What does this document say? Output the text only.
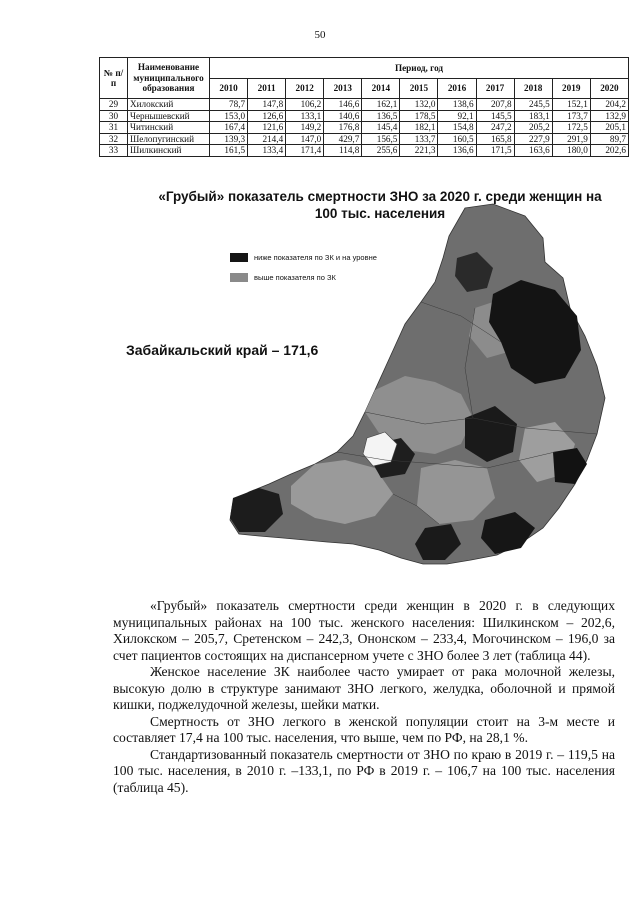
50
№ п/п	Наименование муниципального образования	Период, год										
		2010	2011	2012	2013	2014	2015	2016	2017	2018	2019	2020
29	Хилокский	78,7	147,8	106,2	146,6	162,1	132,0	138,6	207,8	245,5	152,1	204,2
30	Чернышевский	153,0	126,6	133,1	140,6	136,5	178,5	92,1	145,5	183,1	173,7	132,9
31	Читинский	167,4	121,6	149,2	176,8	145,4	182,1	154,8	247,2	205,2	172,5	205,1
32	Шелопугинский	139,3	214,4	147,0	429,7	156,5	133,7	160,5	165,8	227,9	291,9	89,7
33	Шилкинский	161,5	133,4	171,4	114,8	255,6	221,3	136,6	171,5	163,6	180,0	202,6
«Грубый» показатель смертности ЗНО за 2020 г. среди женщин на 100 тыс. населения
ниже показателя по ЗК и на уровне
выше показателя по ЗК
Забайкальский край – 171,6

«Грубый» показатель смертности среди женщин в 2020 г. в следующих муниципальных районах на 100 тыс. женского населения: Шилкинском – 202,6, Хилокском – 205,7, Сретенском – 242,3, Ононском – 233,4, Могочинском – 196,0 за счет пациентов состоящих на диспансерном учете с ЗНО более 3 лет (таблица 44).

Женское население ЗК наиболее часто умирает от рака молочной железы, высокую долю в структуре занимают ЗНО легкого, желудка, оболочной и прямой кишки, поджелудочной железы, шейки матки.

Смертность от ЗНО легкого в женской популяции стоит на 3-м месте и составляет 17,4 на 100 тыс. населения, что выше, чем по РФ, на 28,1 %.

Стандартизованный показатель смертности от ЗНО по краю в 2019 г. – 119,5 на 100 тыс. населения, в 2010 г. –133,1, по РФ в 2019 г. – 106,7 на 100 тыс. населения (таблица 45).
